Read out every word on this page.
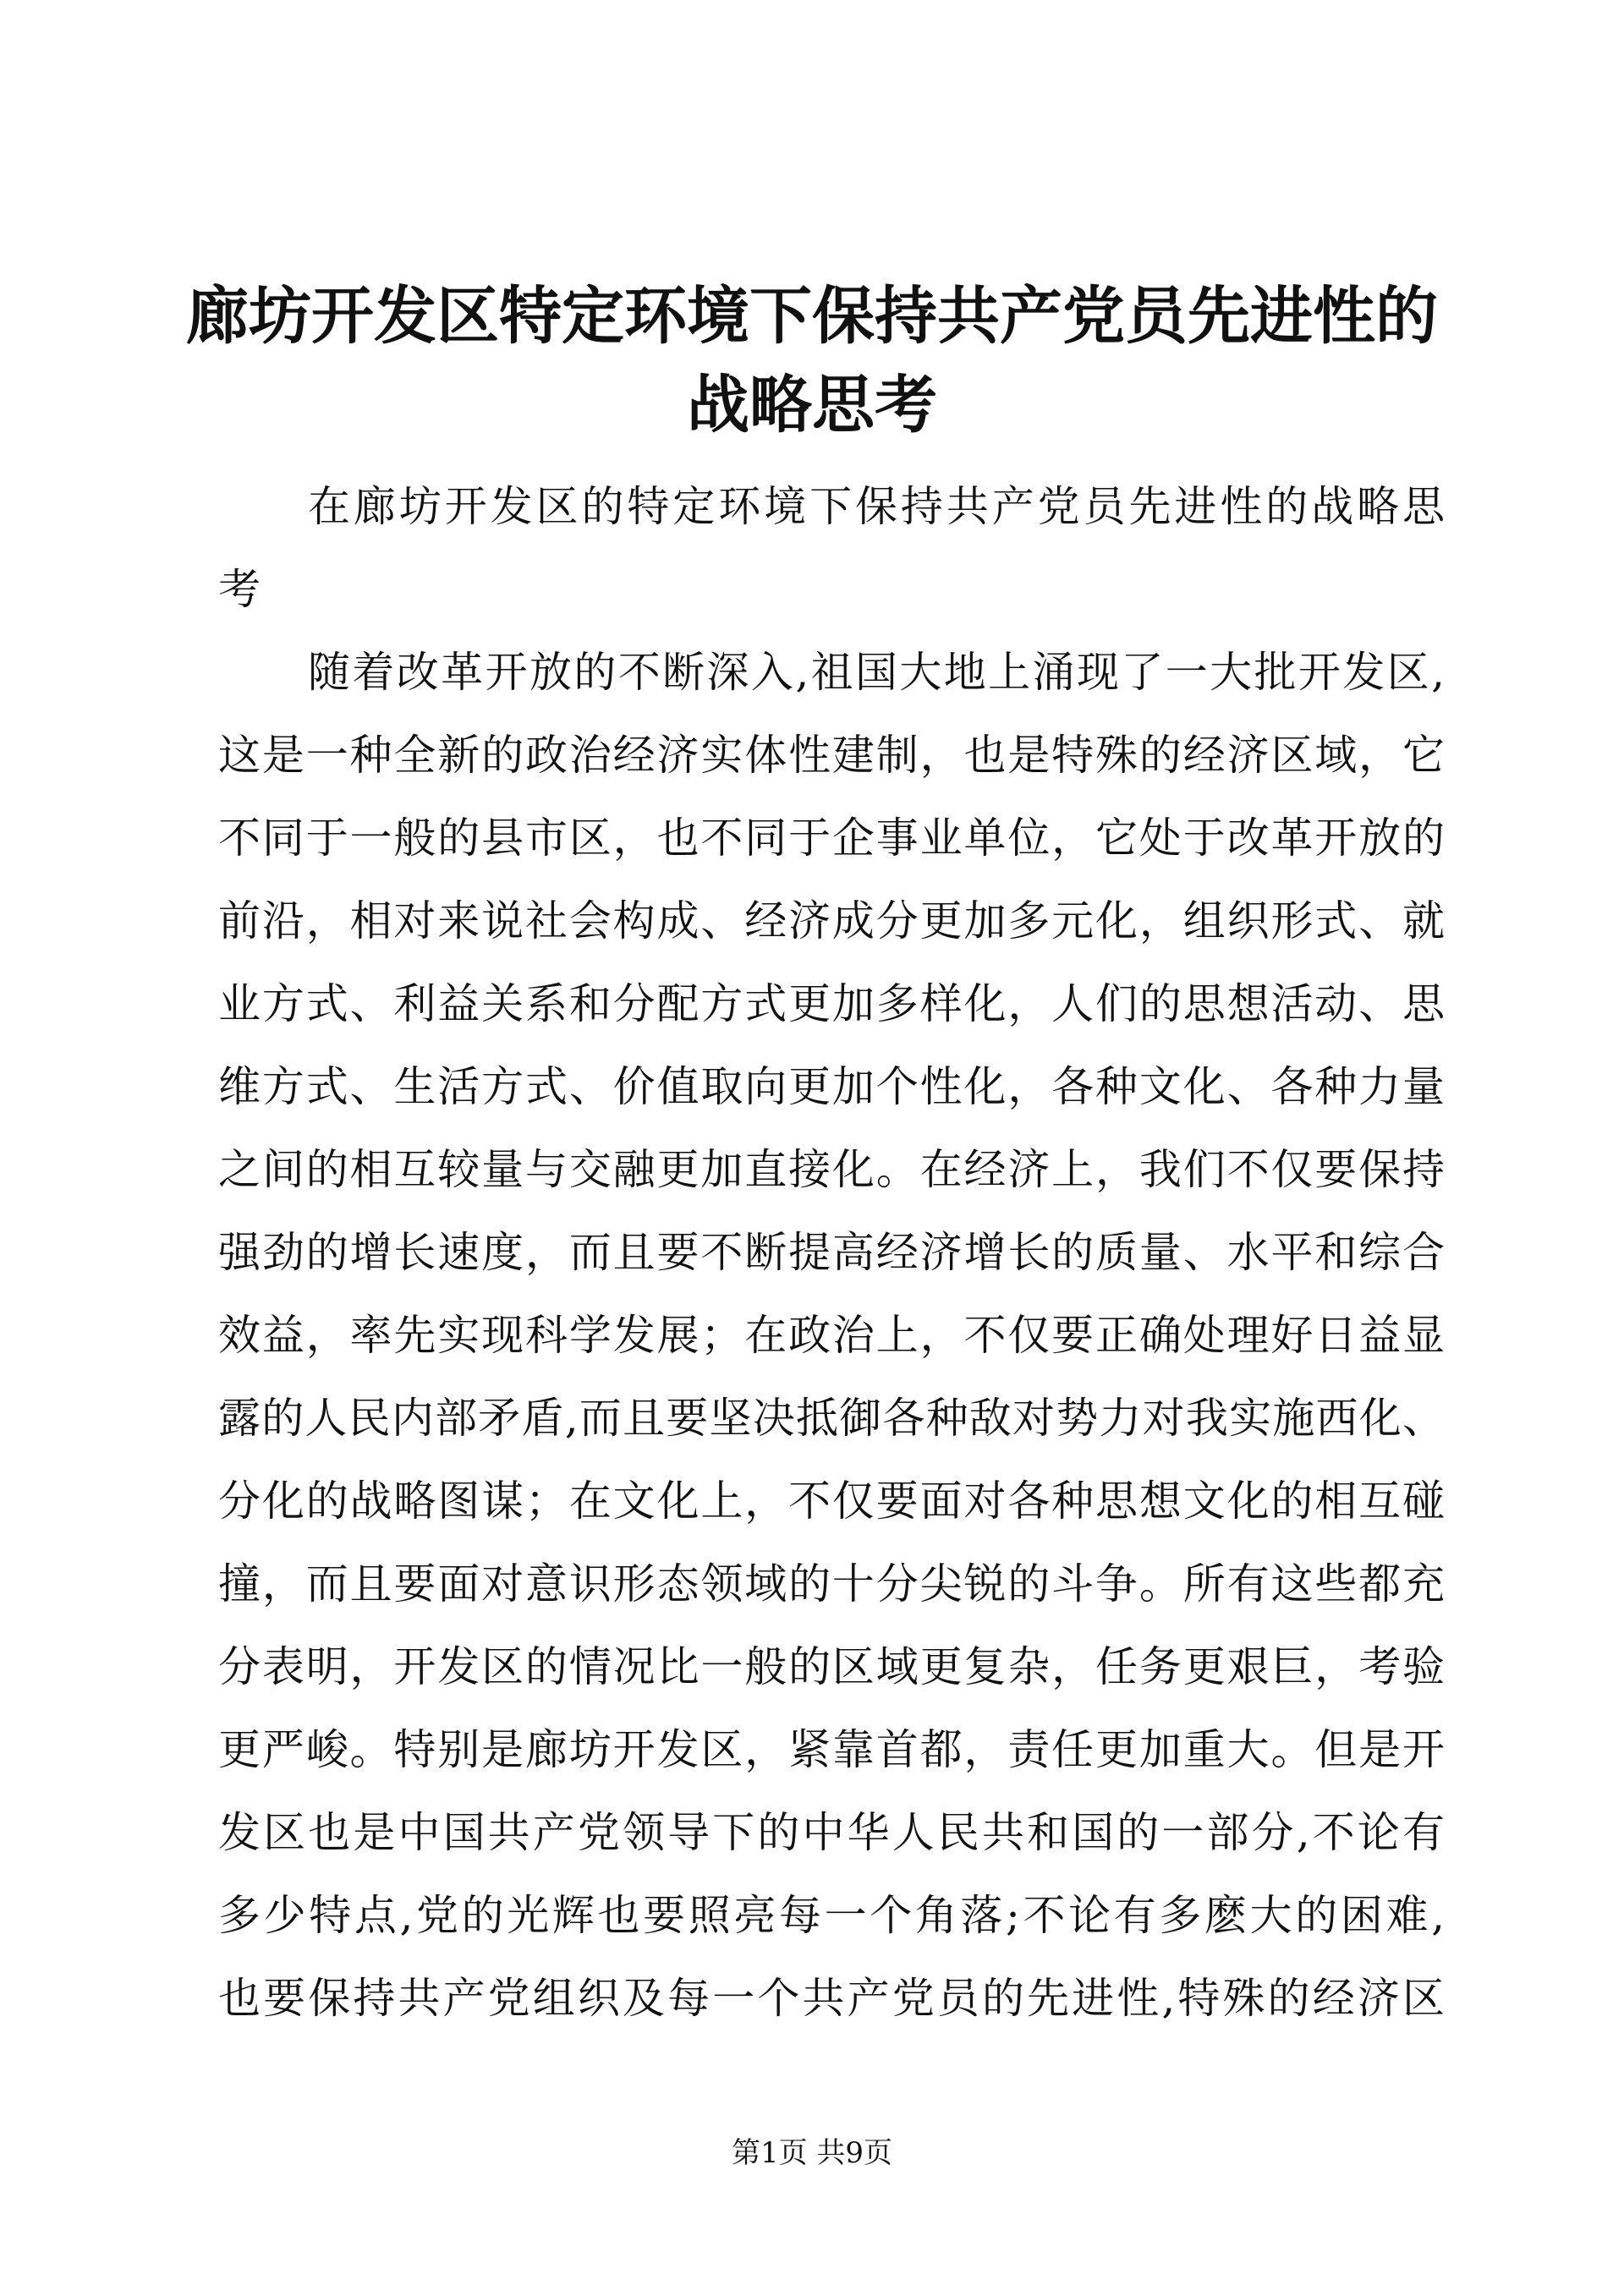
廊坊开发区特定环境下保持共产党员先进性的
战略思考
在廊坊开发区的特定环境下保持共产党员先进性的战略思
考
随着改革开放的不断深入,祖国大地上涌现了一大批开发区,
这是一种全新的政治经济实体性建制，也是特殊的经济区域，它
不同于一般的县市区，也不同于企事业单位，它处于改革开放的
前沿，相对来说社会构成、经济成分更加多元化，组织形式、就
业方式、利益关系和分配方式更加多样化，人们的思想活动、思
维方式、生活方式、价值取向更加个性化，各种文化、各种力量
之间的相互较量与交融更加直接化。在经济上，我们不仅要保持
强劲的增长速度，而且要不断提高经济增长的质量、水平和综合
效益，率先实现科学发展；在政治上，不仅要正确处理好日益显
露的人民内部矛盾,而且要坚决抵御各种敌对势力对我实施西化、
分化的战略图谋；在文化上，不仅要面对各种思想文化的相互碰
撞，而且要面对意识形态领域的十分尖锐的斗争。所有这些都充
分表明，开发区的情况比一般的区域更复杂，任务更艰巨，考验
更严峻。特别是廊坊开发区，紧靠首都，责任更加重大。但是开
发区也是中国共产党领导下的中华人民共和国的一部分,不论有
多少特点,党的光辉也要照亮每一个角落;不论有多麽大的困难,
也要保持共产党组织及每一个共产党员的先进性,特殊的经济区
第1页 共9页
